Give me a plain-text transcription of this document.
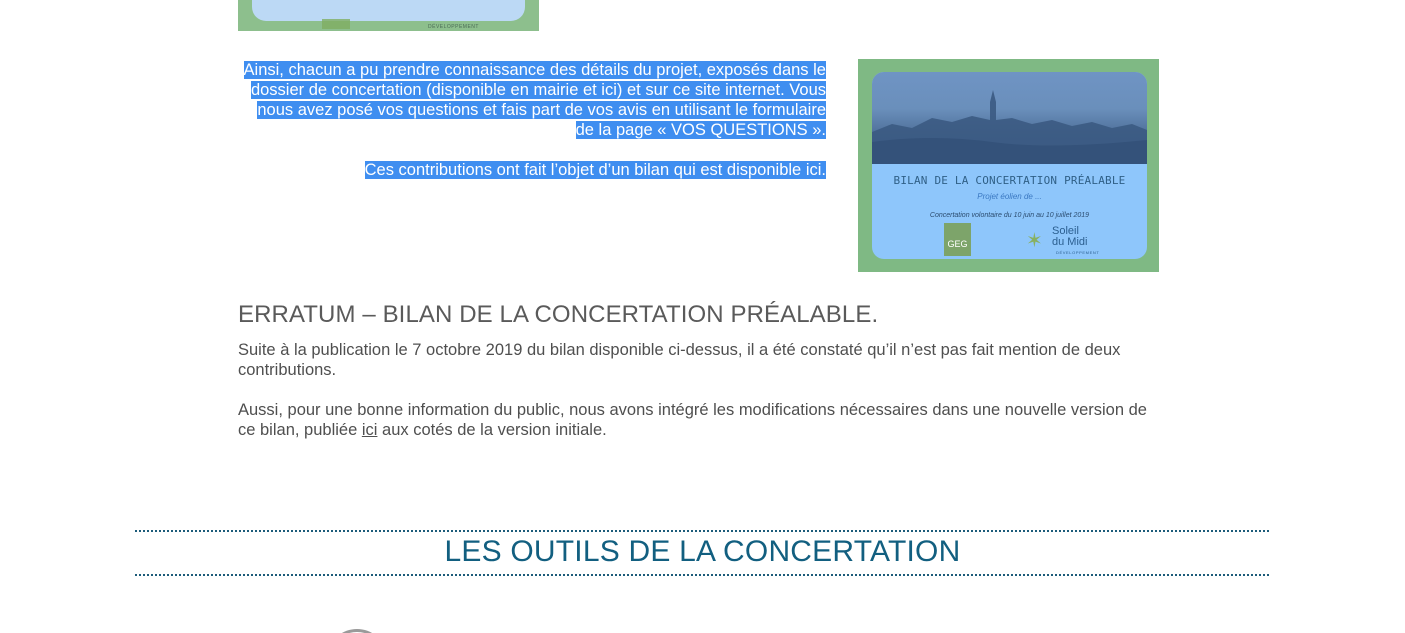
DÉVELOPPEMENT

Ainsi, chacun a pu prendre connaissance des détails du projet, exposés dans le dossier de concertation (disponible en mairie et ici) et sur ce site internet. Vous nous avez posé vos questions et fais part de vos avis en utilisant le formulaire de la page « VOS QUESTIONS ».

Ces contributions ont fait l’objet d’un bilan qui est disponible ici.

BILAN DE LA CONCERTATION PRÉALABLE
Projet éolien de ...
Concertation volontaire du 10 juin au 10 juillet 2019
GEG	✶ Soleil
du Midi
DÉVELOPPEMENT
ERRATUM – BILAN DE LA CONCERTATION PRÉALABLE.

Suite à la publication le 7 octobre 2019 du bilan disponible ci-dessus, il a été constaté qu’il n’est pas fait mention de deux contributions.

Aussi, pour une bonne information du public, nous avons intégré les modifications nécessaires dans une nouvelle version de ce bilan, publiée ici aux cotés de la version initiale.

LES OUTILS DE LA CONCERTATION
